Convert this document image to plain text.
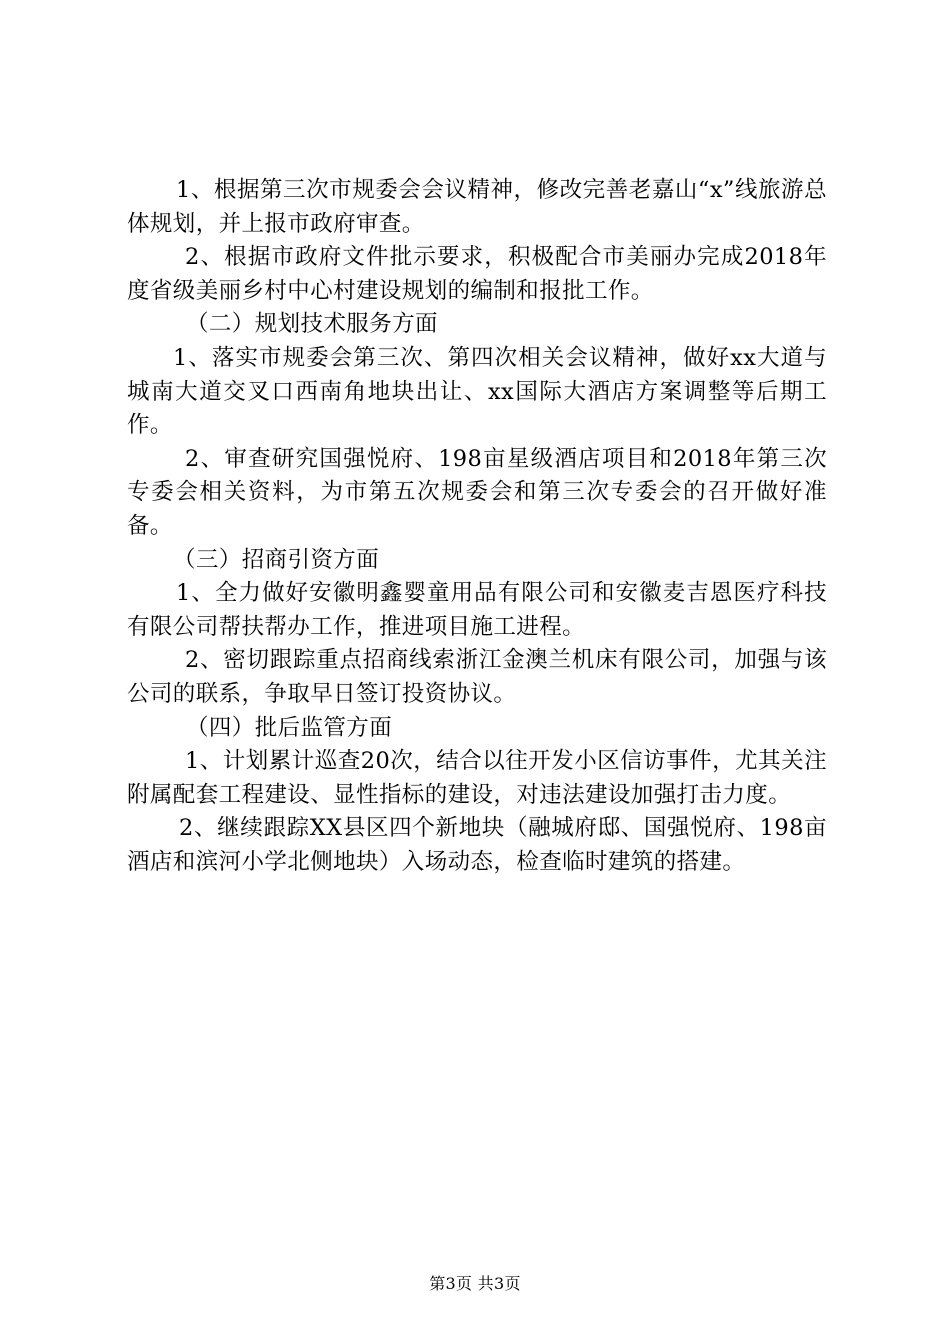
1、根据第三次市规委会会议精神，修改完善老嘉山“x”线旅游总体规划，并上报市政府审查。

2、根据市政府文件批示要求，积极配合市美丽办完成2018年度省级美丽乡村中心村建设规划的编制和报批工作。

（二）规划技术服务方面

1、落实市规委会第三次、第四次相关会议精神，做好xx大道与城南大道交叉口西南角地块出让、xx国际大酒店方案调整等后期工作。

2、审查研究国强悦府、198亩星级酒店项目和2018年第三次专委会相关资料，为市第五次规委会和第三次专委会的召开做好准备。

（三）招商引资方面

1、全力做好安徽明鑫婴童用品有限公司和安徽麦吉恩医疗科技有限公司帮扶帮办工作，推进项目施工进程。

2、密切跟踪重点招商线索浙江金澳兰机床有限公司，加强与该公司的联系，争取早日签订投资协议。

（四）批后监管方面

1、计划累计巡查20次，结合以往开发小区信访事件，尤其关注附属配套工程建设、显性指标的建设，对违法建设加强打击力度。

2、继续跟踪XX县区四个新地块（融城府邸、国强悦府、198亩酒店和滨河小学北侧地块）入场动态，检查临时建筑的搭建。

第3页 共3页
